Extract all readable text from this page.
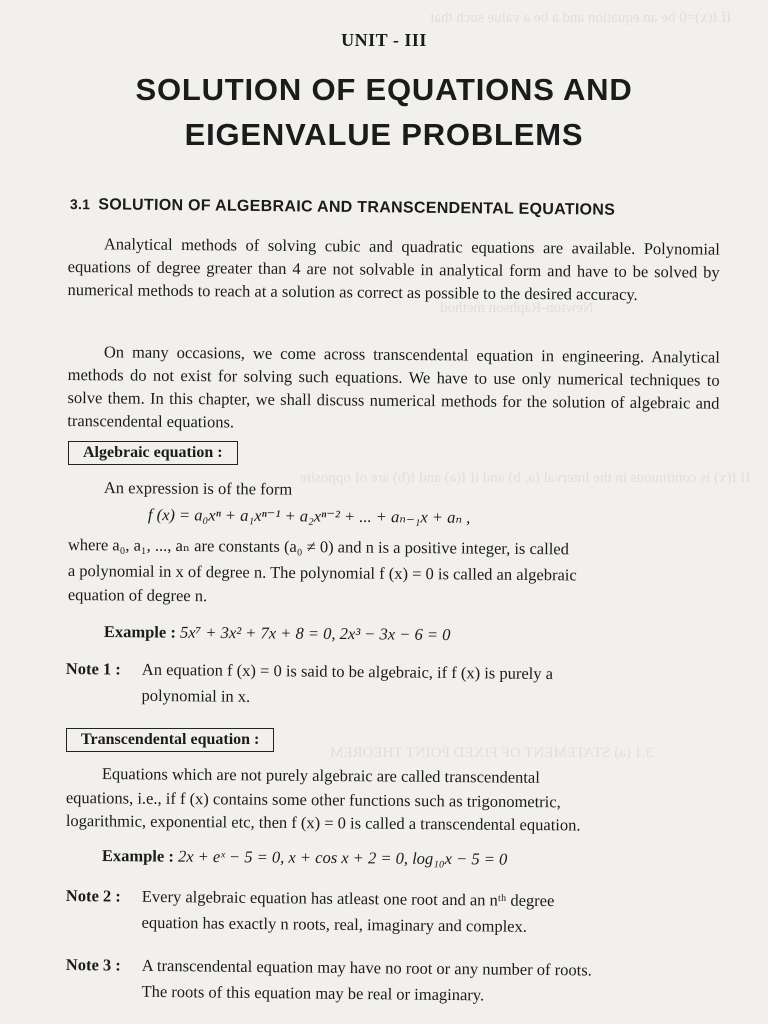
If f(x)=0 be an equation and a be a value such that
Newton-Raphson method
If f(x) is continuous in the interval (a, b) and if f(a) and f(b) are of opposite
3.1 (a) STATEMENT OF FIXED POINT THEOREM
UNIT - III
SOLUTION OF EQUATIONS AND
EIGENVALUE PROBLEMS
3.1 SOLUTION OF ALGEBRAIC AND TRANSCENDENTAL EQUATIONS
Analytical methods of solving cubic and quadratic equations are available. Polynomial equations of degree greater than 4 are not solvable in analytical form and have to be solved by numerical methods to reach at a solution as correct as possible to the desired accuracy.
On many occasions, we come across transcendental equation in engineering. Analytical methods do not exist for solving such equations. We have to use only numerical techniques to solve them. In this chapter, we shall discuss numerical methods for the solution of algebraic and transcendental equations.
Algebraic equation :
An expression is of the form
f (x) = a₀xⁿ + a₁xⁿ⁻¹ + a₂xⁿ⁻² + ... + aₙ₋₁x + aₙ ,
where a₀, a₁, ..., aₙ are constants (a₀ ≠ 0) and n is a positive integer, is called
a polynomial in x of degree n. The polynomial f (x) = 0 is called an algebraic
equation of degree n.
Example : 5x⁷ + 3x² + 7x + 8 = 0, 2x³ − 3x − 6 = 0
Note 1 : An equation f (x) = 0 is said to be algebraic, if f (x) is purely a
polynomial in x.
Transcendental equation :
Equations which are not purely algebraic are called transcendental
equations, i.e., if f (x) contains some other functions such as trigonometric,
logarithmic, exponential etc, then f (x) = 0 is called a transcendental equation.
Example : 2x + eˣ − 5 = 0, x + cos x + 2 = 0, log₁₀x − 5 = 0
Note 2 : Every algebraic equation has atleast one root and an nᵗʰ degree
equation has exactly n roots, real, imaginary and complex.
Note 3 : A transcendental equation may have no root or any number of roots.
The roots of this equation may be real or imaginary.
